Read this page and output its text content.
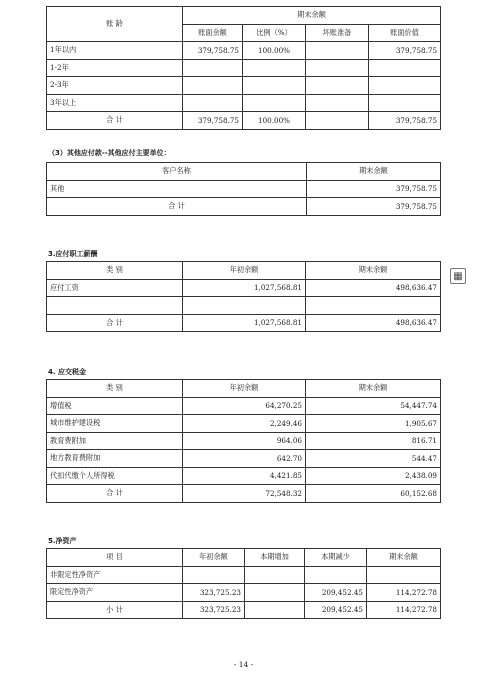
账 龄	期末余额			
	账面余额	比例（%）	坏账准备	账面价值
1年以内	379,758.75	100.00%		379,758.75
1-2年				
2-3年				
3年以上				
合 计	379,758.75	100.00%		379,758.75
（3）其他应付款--其他应付主要单位：
客户名称	期末余额
其他	379,758.75
合 计	379,758.75
3.应付职工薪酬
类 别	年初余额	期末余额
应付工资	1,027,568.81	498,636.47

合 计	1,027,568.81	498,636.47
▦
4. 应交税金
类 别	年初余额	期末余额
增值税	64,270.25	54,447.74
城市维护建设税	2,249.46	1,905.67
教育费附加	964.06	816.71
地方教育费附加	642.70	544.47
代扣代缴个人所得税	4,421.85	2,438.09
合 计	72,548.32	60,152.68
5.净资产
项 目	年初余额	本期增加	本期减少	期末余额
非限定性净资产				
限定性净资产	323,725.23		209,452.45	114,272.78
小 计	323,725.23		209,452.45	114,272.78
- 14 -
